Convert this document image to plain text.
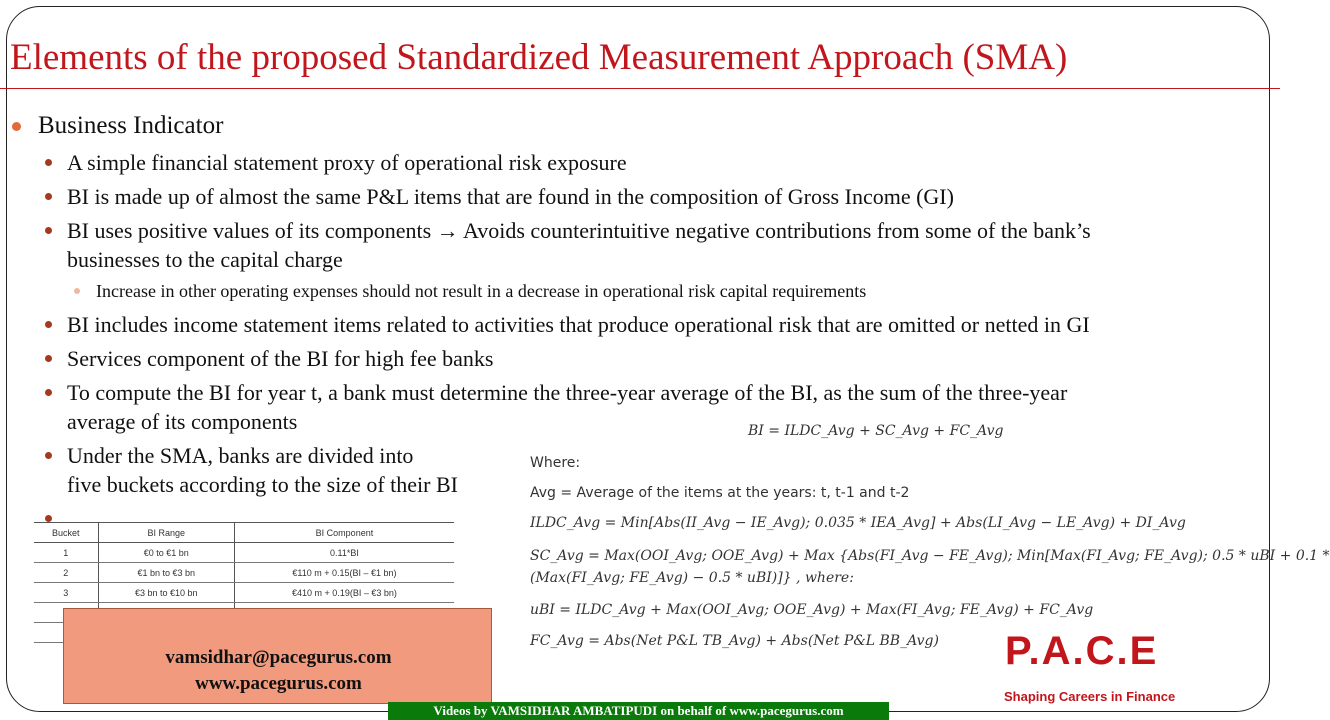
Elements of the proposed Standardized Measurement Approach (SMA)
Business Indicator
A simple financial statement proxy of operational risk exposure
BI is made up of almost the same P&L items that are found in the composition of Gross Income (GI)
BI uses positive values of its components → Avoids counterintuitive negative contributions from some of the bank’s
businesses to the capital charge
Increase in other operating expenses should not result in a decrease in operational risk capital requirements
BI includes income statement items related to activities that produce operational risk that are omitted or netted in GI
Services component of the BI for high fee banks
To compute the BI for year t, a bank must determine the three-year average of the BI, as the sum of the three-year
average of its components
Under the SMA, banks are divided into
five buckets according to the size of their BI
Bucket	BI Range	BI Component
1	€0 to €1 bn	0.11*BI
2	€1 bn to €3 bn	€110 m + 0.15(BI – €1 bn)
3	€3 bn to €10 bn	€410 m + 0.19(BI – €3 bn)

vamsidhar@pacegurus.com
www.pacegurus.com
BI = ILDC_Avg + SC_Avg + FC_Avg
Where:
Avg = Average of the items at the years: t, t-1 and t-2
ILDC_Avg = Min[Abs(II_Avg − IE_Avg); 0.035 * IEA_Avg] + Abs(LI_Avg − LE_Avg) + DI_Avg
SC_Avg = Max(OOI_Avg; OOE_Avg) + Max {Abs(FI_Avg − FE_Avg); Min[Max(FI_Avg; FE_Avg); 0.5 * uBI + 0.1 *
(Max(FI_Avg; FE_Avg) − 0.5 * uBI)]} , where:
uBI = ILDC_Avg + Max(OOI_Avg; OOE_Avg) + Max(FI_Avg; FE_Avg) + FC_Avg
FC_Avg = Abs(Net P&L TB_Avg) + Abs(Net P&L BB_Avg) P.A.C.E
Shaping Careers in Finance
Videos by VAMSIDHAR AMBATIPUDI on behalf of www.pacegurus.com
